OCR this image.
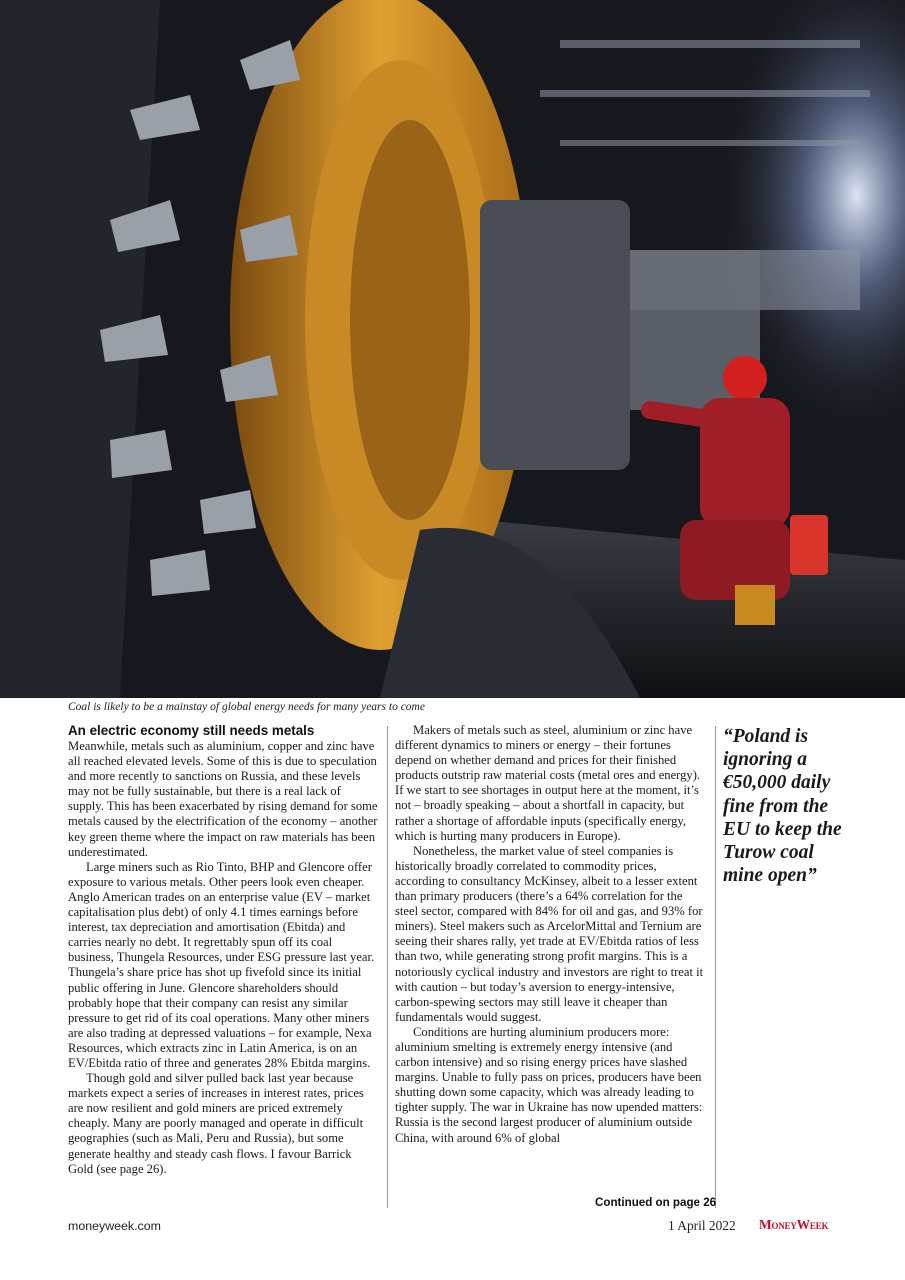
Coal is likely to be a mainstay of global energy needs for many years to come
An electric economy still needs metals

Meanwhile, metals such as aluminium, copper and zinc have all reached elevated levels. Some of this is due to speculation and more recently to sanctions on Russia, and these levels may not be fully sustainable, but there is a real lack of supply. This has been exacerbated by rising demand for some metals caused by the electrification of the economy – another key green theme where the impact on raw materials has been underestimated.

Large miners such as Rio Tinto, BHP and Glencore offer exposure to various metals. Other peers look even cheaper. Anglo American trades on an enterprise value (EV – market capitalisation plus debt) of only 4.1 times earnings before interest, tax depreciation and amortisation (Ebitda) and carries nearly no debt. It regrettably spun off its coal business, Thungela Resources, under ESG pressure last year. Thungela’s share price has shot up fivefold since its initial public offering in June. Glencore shareholders should probably hope that their company can resist any similar pressure to get rid of its coal operations. Many other miners are also trading at depressed valuations – for example, Nexa Resources, which extracts zinc in Latin America, is on an EV/Ebitda ratio of three and generates 28% Ebitda margins.

Though gold and silver pulled back last year because markets expect a series of increases in interest rates, prices are now resilient and gold miners are priced extremely cheaply. Many are poorly managed and operate in difficult geographies (such as Mali, Peru and Russia), but some generate healthy and steady cash flows. I favour Barrick Gold (see page 26).

Makers of metals such as steel, aluminium or zinc have different dynamics to miners or energy – their fortunes depend on whether demand and prices for their finished products outstrip raw material costs (metal ores and energy). If we start to see shortages in output here at the moment, it’s not – broadly speaking – about a shortfall in capacity, but rather a shortage of affordable inputs (specifically energy, which is hurting many producers in Europe).

Nonetheless, the market value of steel companies is historically broadly correlated to commodity prices, according to consultancy McKinsey, albeit to a lesser extent than primary producers (there’s a 64% correlation for the steel sector, compared with 84% for oil and gas, and 93% for miners). Steel makers such as ArcelorMittal and Ternium are seeing their shares rally, yet trade at EV/Ebitda ratios of less than two, while generating strong profit margins. This is a notoriously cyclical industry and investors are right to treat it with caution – but today’s aversion to energy-intensive, carbon-spewing sectors may still leave it cheaper than fundamentals would suggest.

Conditions are hurting aluminium producers more: aluminium smelting is extremely energy intensive (and carbon intensive) and so rising energy prices have slashed margins. Unable to fully pass on prices, producers have been shutting down some capacity, which was already leading to tighter supply. The war in Ukraine has now upended matters: Russia is the second largest producer of aluminium outside China, with around 6% of global

“Poland is ignoring a €50,000 daily fine from the EU to keep the Turow coal mine open”
Continued on page 26
moneyweek.com	1 April 2022 MoneyWeek
